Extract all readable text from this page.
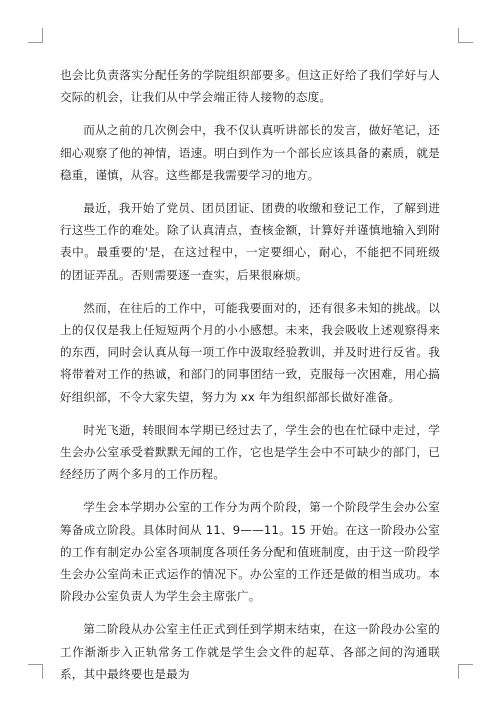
也会比负责落实分配任务的学院组织部要多。但这正好给了我们学好与人交际的机会，让我们从中学会端正待人接物的态度。

而从之前的几次例会中，我不仅认真听讲部长的发言，做好笔记，还细心观察了他的神情，语速。明白到作为一个部长应该具备的素质，就是稳重，谨慎，从容。这些都是我需要学习的地方。

最近，我开始了党员、团员团证、团费的收缴和登记工作，了解到进行这些工作的难处。除了认真清点，查核金额，计算好并谨慎地输入到附表中。最重要的'是，在这过程中，一定要细心，耐心，不能把不同班级的团证弄乱。否则需要逐一查实，后果很麻烦。

然而，在往后的工作中，可能我要面对的，还有很多未知的挑战。以上的仅仅是我上任短短两个月的小小感想。未来，我会吸收上述观察得来的东西，同时会认真从每一项工作中汲取经验教训，并及时进行反省。我将带着对工作的热诚，和部门的同事团结一致，克服每一次困难，用心搞好组织部，不令大家失望，努力为 xx 年为组织部部长做好准备。

时光飞逝，转眼间本学期已经过去了，学生会的也在忙碌中走过，学生会办公室承受着默默无闻的工作，它也是学生会中不可缺少的部门，已经经历了两个多月的工作历程。

学生会本学期办公室的工作分为两个阶段，第一个阶段学生会办公室筹备成立阶段。具体时间从 11、9——11。15 开始。在这一阶段办公室的工作有制定办公室各项制度各项任务分配和值班制度，由于这一阶段学生会办公室尚未正式运作的情况下。办公室的工作还是做的相当成功。本阶段办公室负责人为学生会主席张广。

第二阶段从办公室主任正式到任到学期末结束，在这一阶段办公室的工作渐渐步入正轨常务工作就是学生会文件的起草、各部之间的沟通联系，其中最终要也是最为
